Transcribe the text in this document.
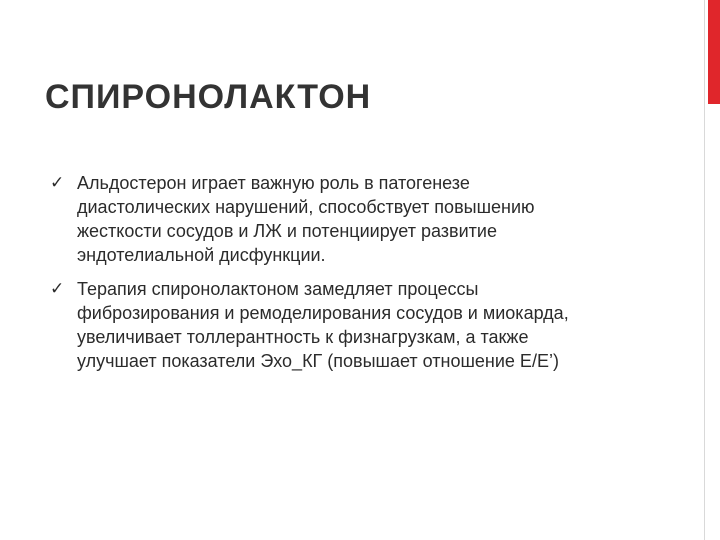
СПИРОНОЛАКТОН
✓ Альдостерон играет важную роль в патогенезе
диастолических нарушений, способствует повышению
жесткости сосудов и ЛЖ и потенциирует развитие
эндотелиальной дисфункции.
✓ Терапия спиронолактоном замедляет процессы
фиброзирования и ремоделирования сосудов и миокарда,
увеличивает толлерантность к физнагрузкам, а также
улучшает показатели Эхо_КГ (повышает отношение Е/Е’)
